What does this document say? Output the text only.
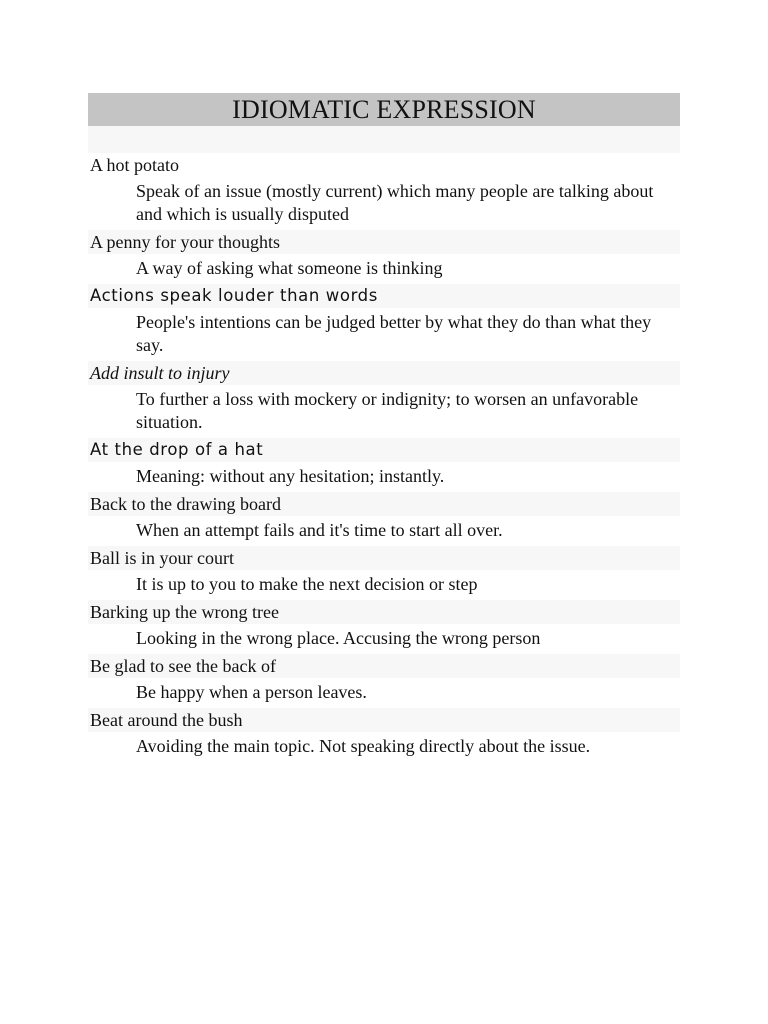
IDIOMATIC EXPRESSION
A hot potato
Speak of an issue (mostly current) which many people are talking about and which is usually disputed
A penny for your thoughts
A way of asking what someone is thinking
Actions speak louder than words
People's intentions can be judged better by what they do than what they say.
Add insult to injury
To further a loss with mockery or indignity; to worsen an unfavorable situation.
At the drop of a hat
Meaning: without any hesitation; instantly.
Back to the drawing board
When an attempt fails and it's time to start all over.
Ball is in your court
It is up to you to make the next decision or step
Barking up the wrong tree
Looking in the wrong place. Accusing the wrong person
Be glad to see the back of
Be happy when a person leaves.
Beat around the bush
Avoiding the main topic. Not speaking directly about the issue.
